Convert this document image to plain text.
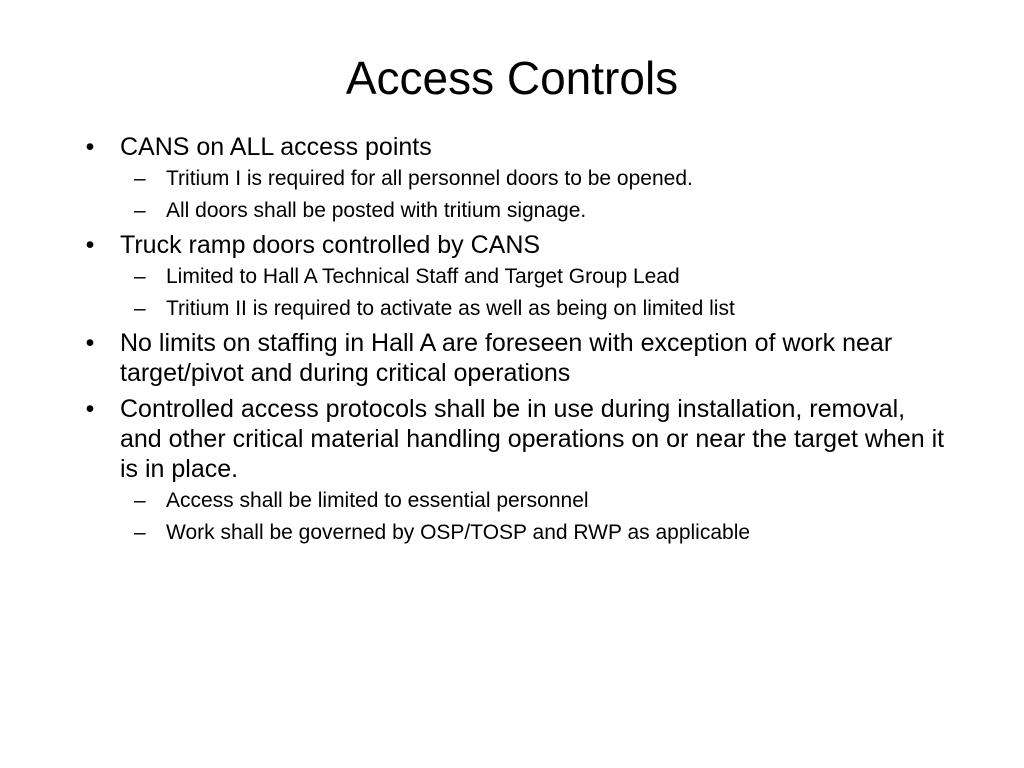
Access Controls
• CANS on ALL access points
– Tritium I is required for all personnel doors to be opened.
– All doors shall be posted with tritium signage.
• Truck ramp doors controlled by CANS
– Limited to Hall A Technical Staff and Target Group Lead
– Tritium II is required to activate as well as being on limited list
• No limits on staffing in Hall A are foreseen with exception of work near target/pivot and during critical operations
• Controlled access protocols shall be in use during installation, removal, and other critical material handling operations on or near the target when it is in place.
– Access shall be limited to essential personnel
– Work shall be governed by OSP/TOSP and RWP as applicable
